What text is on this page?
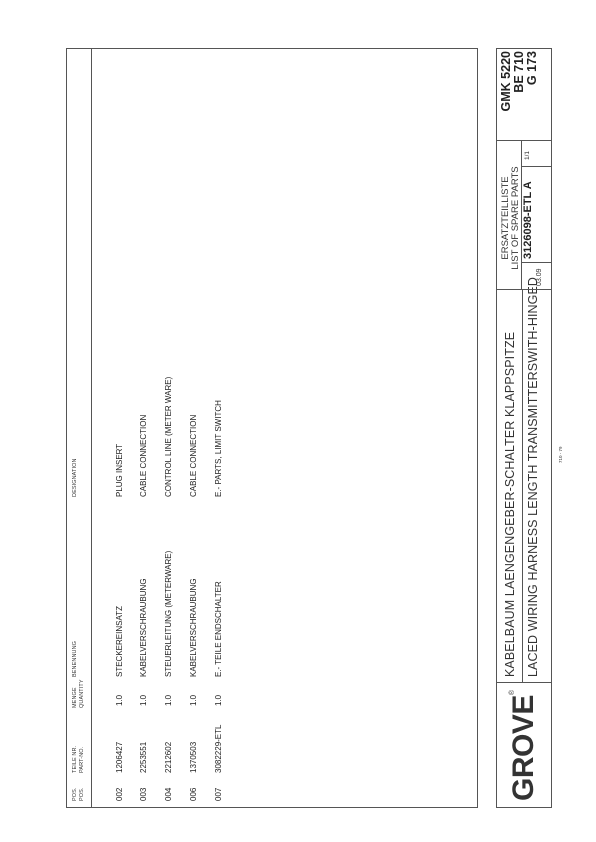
POS. POS.
TEILE NR. PART-NO.
MENGE QUANTITY
BENENNUNG
DESIGNATION

002

003

004

006

007

1206427

2253551

2212602

1370503

3082229-ETL

1.0

1.0

1.0

1.0

1.0

STECKEREINSATZ

KABELVERSCHRAUBUNG

STEUERLEITUNG (METERWARE)

KABELVERSCHRAUBUNG

E.- TEILE ENDSCHALTER

PLUG INSERT

CABLE CONNECTION

CONTROL LINE (METER WARE)

CABLE CONNECTION

E.- PARTS, LIMIT SWITCH

GROVE®
KABELBAUM LAENGENGEBER-SCHALTER KLAPPSPITZE LACED WIRING HARNESS LENGTH TRANSMITTERSWITH-HINGED
ERSATZTEILLISTE LIST OF SPARE PARTS
03.09
3126098-ETL A
1/1
GMK 5220 BE 710 G 173
710 - 79
